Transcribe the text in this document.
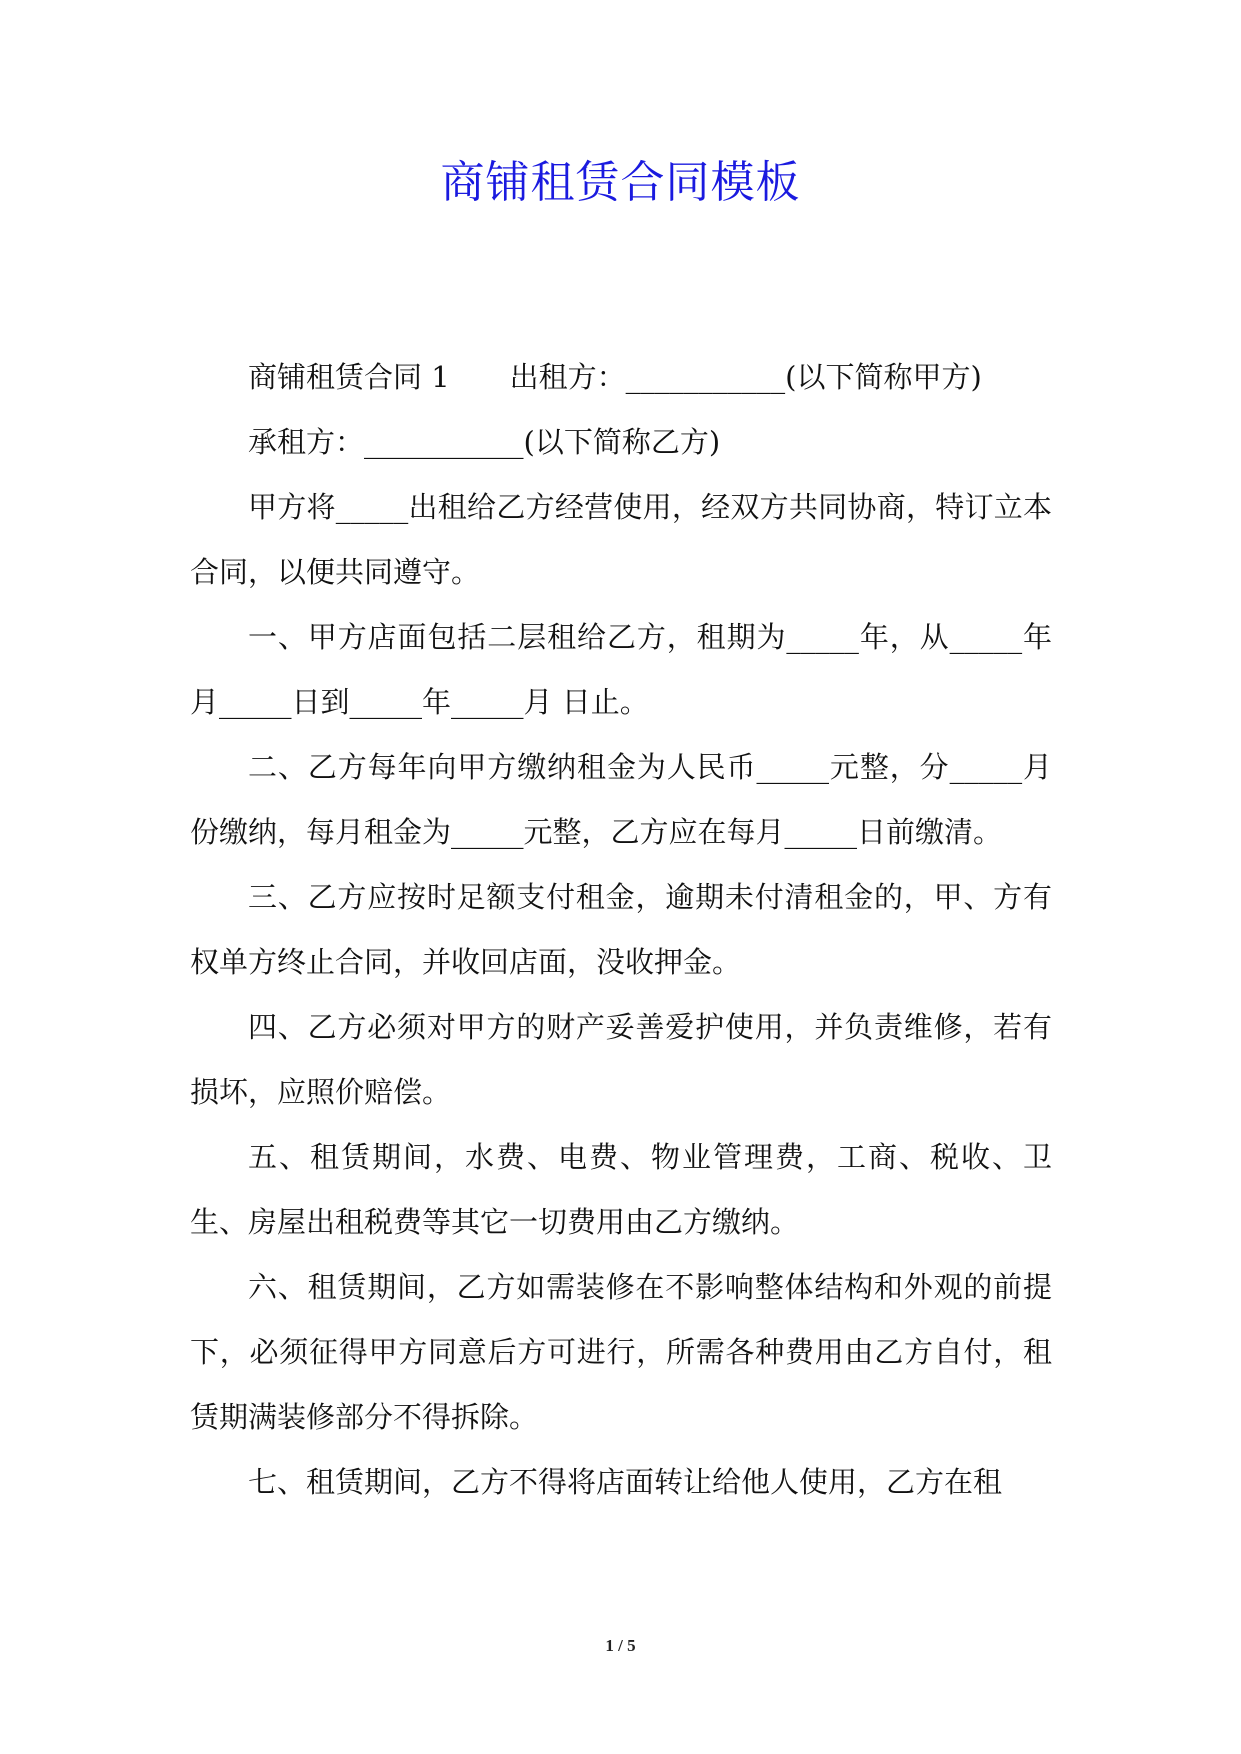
商铺租赁合同模板

商铺租赁合同 1 出租方：___________(以下简称甲方)

承租方：___________(以下简称乙方)

甲方将_____出租给乙方经营使用，经双方共同协商，特订立本合同，以便共同遵守。

一、甲方店面包括二层租给乙方，租期为_____年，从_____年月_____日到_____年_____月 日止。

二、乙方每年向甲方缴纳租金为人民币_____元整，分_____月份缴纳，每月租金为_____元整，乙方应在每月_____日前缴清。

三、乙方应按时足额支付租金，逾期未付清租金的，甲、方有权单方终止合同，并收回店面，没收押金。

四、乙方必须对甲方的财产妥善爱护使用，并负责维修，若有损坏，应照价赔偿。

五、租赁期间，水费、电费、物业管理费，工商、税收、卫生、房屋出租税费等其它一切费用由乙方缴纳。

六、租赁期间，乙方如需装修在不影响整体结构和外观的前提下，必须征得甲方同意后方可进行，所需各种费用由乙方自付，租赁期满装修部分不得拆除。

七、租赁期间，乙方不得将店面转让给他人使用，乙方在租

1 / 5
